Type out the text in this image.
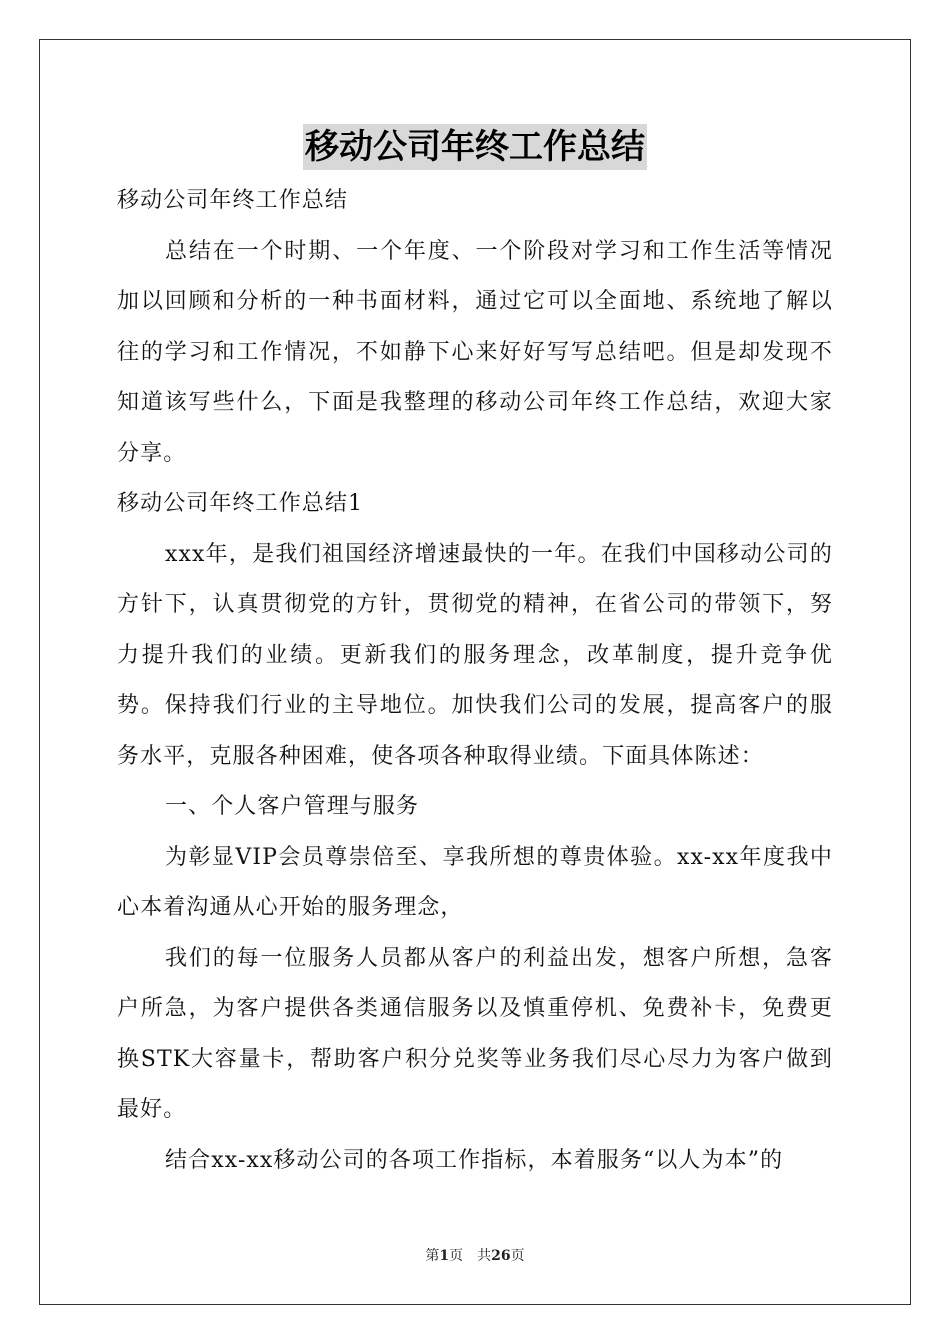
移动公司年终工作总结

移动公司年终工作总结

总结在一个时期、一个年度、一个阶段对学习和工作生活等情况加以回顾和分析的一种书面材料，通过它可以全面地、系统地了解以往的学习和工作情况，不如静下心来好好写写总结吧。但是却发现不知道该写些什么，下面是我整理的移动公司年终工作总结，欢迎大家分享。

移动公司年终工作总结1

xxx年，是我们祖国经济增速最快的一年。在我们中国移动公司的方针下，认真贯彻党的方针，贯彻党的精神，在省公司的带领下，努力提升我们的业绩。更新我们的服务理念，改革制度，提升竞争优势。保持我们行业的主导地位。加快我们公司的发展，提高客户的服务水平，克服各种困难，使各项各种取得业绩。下面具体陈述：

一、个人客户管理与服务

为彰显VIP会员尊崇倍至、享我所想的尊贵体验。xx-xx年度我中心本着沟通从心开始的服务理念，

我们的每一位服务人员都从客户的利益出发，想客户所想，急客户所急，为客户提供各类通信服务以及慎重停机、免费补卡，免费更换STK大容量卡，帮助客户积分兑奖等业务我们尽心尽力为客户做到最好。

结合xx-xx移动公司的各项工作指标，本着服务“以人为本”的

第1页 共26页
